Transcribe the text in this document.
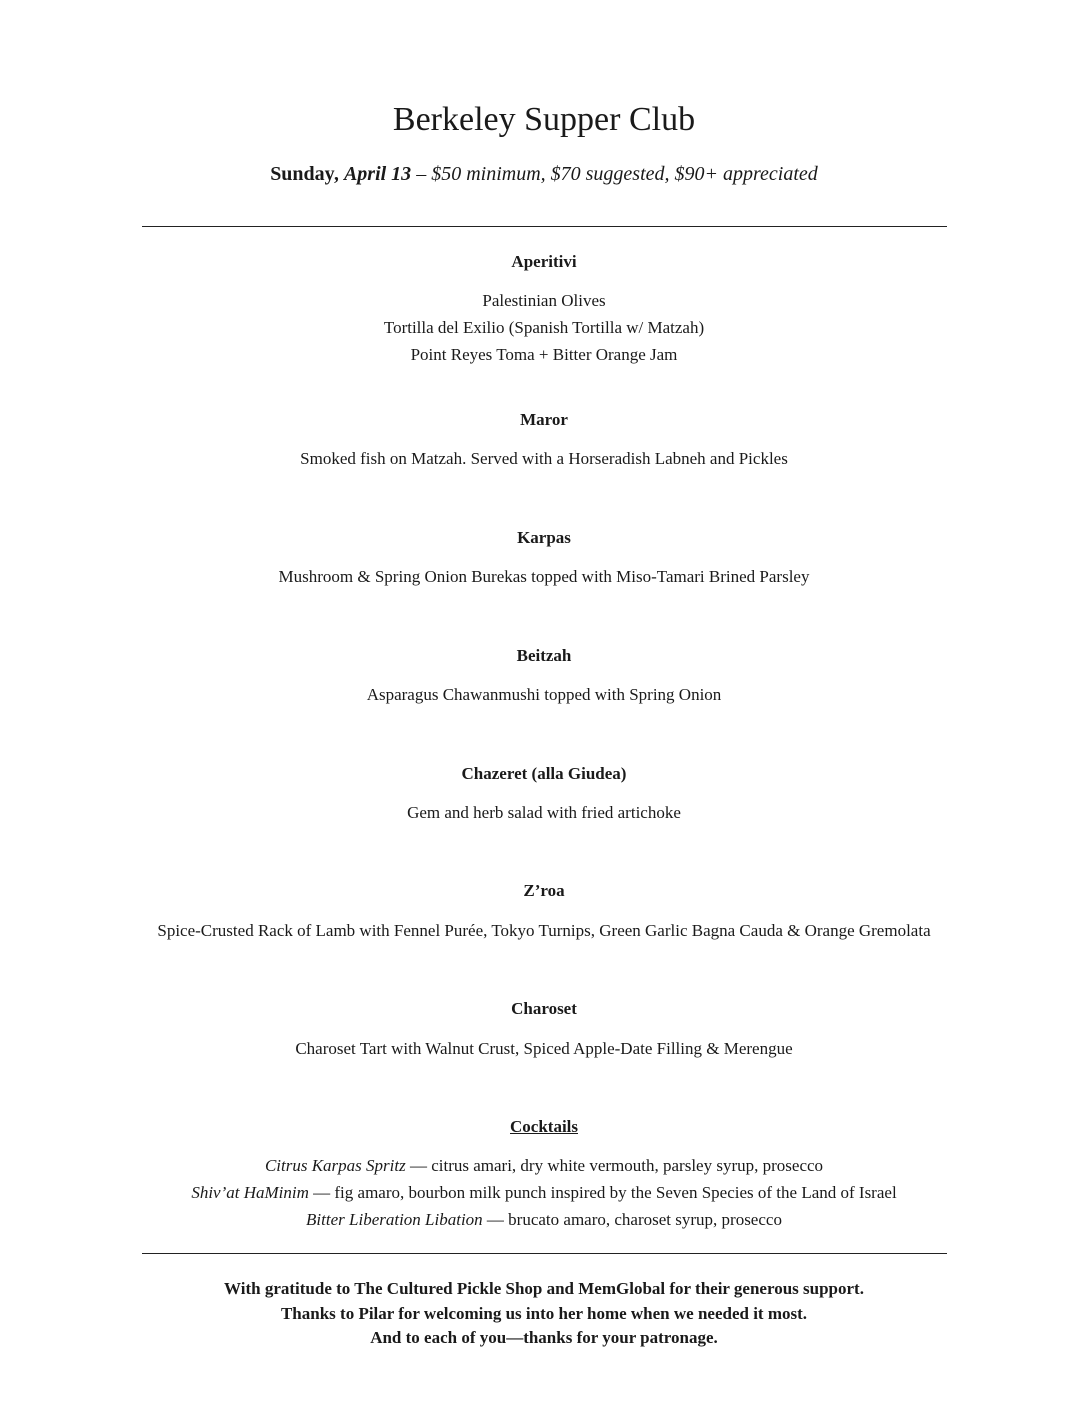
Berkeley Supper Club
Sunday, April 13 – $50 minimum, $70 suggested, $90+ appreciated
Aperitivi
Palestinian Olives
Tortilla del Exilio (Spanish Tortilla w/ Matzah)
Point Reyes Toma + Bitter Orange Jam
Maror
Smoked fish on Matzah. Served with a Horseradish Labneh and Pickles
Karpas
Mushroom & Spring Onion Burekas topped with Miso-Tamari Brined Parsley
Beitzah
Asparagus Chawanmushi topped with Spring Onion
Chazeret (alla Giudea)
Gem and herb salad with fried artichoke
Z’roa
Spice-Crusted Rack of Lamb with Fennel Purée, Tokyo Turnips, Green Garlic Bagna Cauda & Orange Gremolata
Charoset
Charoset Tart with Walnut Crust, Spiced Apple-Date Filling & Merengue
Cocktails
Citrus Karpas Spritz — citrus amari, dry white vermouth, parsley syrup, prosecco
Shiv’at HaMinim — fig amaro, bourbon milk punch inspired by the Seven Species of the Land of Israel
Bitter Liberation Libation — brucato amaro, charoset syrup, prosecco
With gratitude to The Cultured Pickle Shop and MemGlobal for their generous support.
Thanks to Pilar for welcoming us into her home when we needed it most.
And to each of you—thanks for your patronage.
